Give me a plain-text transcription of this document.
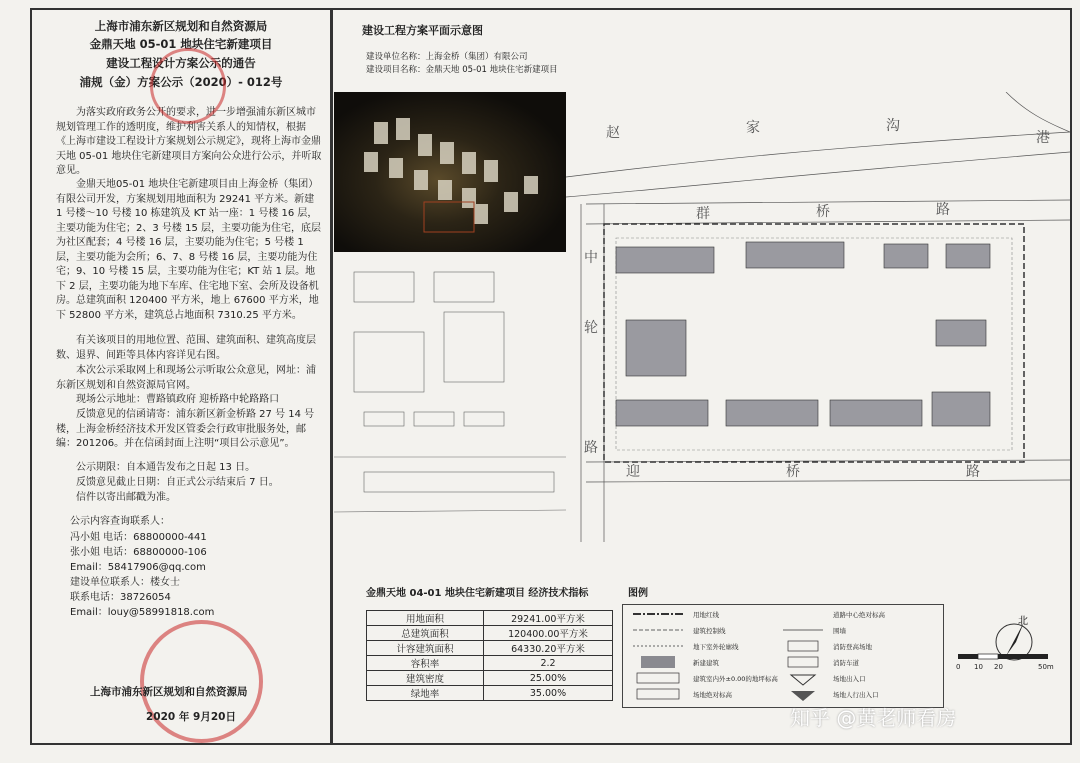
上海市浦东新区规划和自然资源局
金鼎天地 05-01 地块住宅新建项目
建设工程设计方案公示的通告
浦规（金）方案公示（2020）- 012号
为落实政府政务公开的要求，进一步增强浦东新区城市规划管理工作的透明度，维护利害关系人的知情权，根据《上海市建设工程设计方案规划公示规定》，现将上海市金鼎天地 05-01 地块住宅新建项目方案向公众进行公示，并听取意见。
金鼎天地05-01 地块住宅新建项目由上海金桥（集团）有限公司开发，方案规划用地面积为 29241 平方米。新建 1 号楼～10 号楼 10 栋建筑及 KT 站一座：1 号楼 16 层，主要功能为住宅；2、3 号楼 15 层，主要功能为住宅，底层为社区配套；4 号楼 16 层，主要功能为住宅；5 号楼 1 层，主要功能为会所；6、7、8 号楼 16 层，主要功能为住宅；9、10 号楼 15 层，主要功能为住宅；KT 站 1 层。地下 2 层，主要功能为地下车库、住宅地下室、会所及设备机房。总建筑面积 120400 平方米，地上 67600 平方米，地下 52800 平方米，建筑总占地面积 7310.25 平方米。
有关该项目的用地位置、范围、建筑面积、建筑高度层数、退界、间距等具体内容详见右图。
本次公示采取网上和现场公示听取公众意见，网址：浦东新区规划和自然资源局官网。
现场公示地址：曹路镇政府 迎桥路中轮路路口
反馈意见的信函请寄：浦东新区新金桥路 27 号 14 号楼，上海金桥经济技术开发区管委会行政审批服务处，邮编：201206。并在信函封面上注明“项目公示意见”。
公示期限：自本通告发布之日起 13 日。
反馈意见截止日期：自正式公示结束后 7 日。
信件以寄出邮戳为准。
公示内容查询联系人：
冯小姐 电话：68800000-441
张小姐 电话：68800000-106
Email：58417906@qq.com
建设单位联系人：楼女士
联系电话：38726054
Email：louy@58991818.com
上海市浦东新区规划和自然资源局
2020 年 9月20日
建设工程方案平面示意图
建设单位名称：上海金桥（集团）有限公司
建设项目名称：金鼎天地 05-01 地块住宅新建项目
赵	家	沟
港
群	桥	路
中
轮
路
迎	桥	路
金鼎天地 04-01 地块住宅新建项目 经济技术指标
用地面积	29241.00平方米
总建筑面积	120400.00平方米
计容建筑面积	64330.20平方米
容积率	2.2
建筑密度	25.00%
绿地率	35.00%
图例
用地红线
建筑控制线
地下室外轮廓线
新建建筑
建筑室内外±0.00的地坪标高
场地绝对标高
道路中心绝对标高
围墙
消防登高场地
消防车道
场地出入口
场地人行出入口
北
0 10 20	50m
知乎 @黄老师看房
